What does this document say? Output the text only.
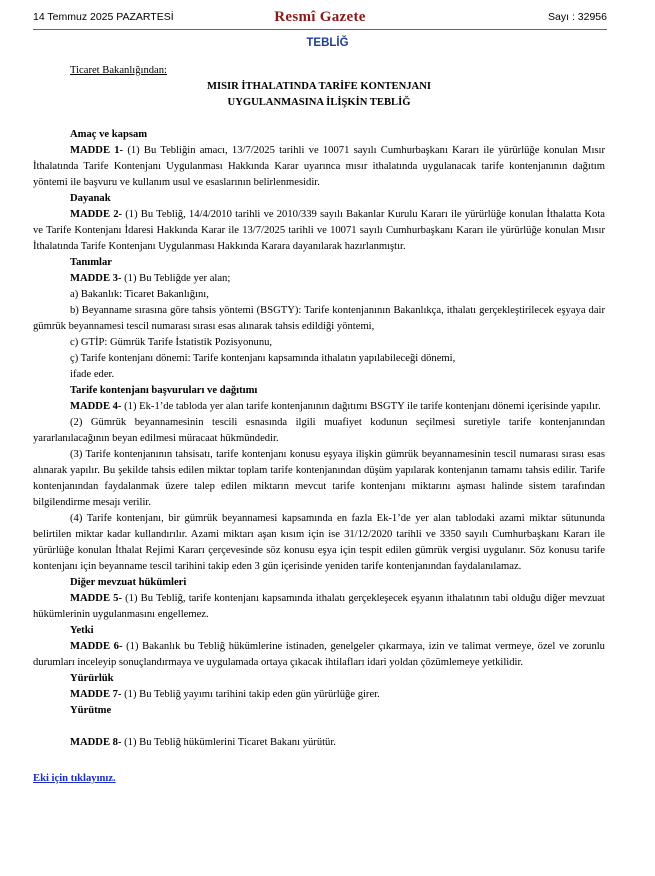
14 Temmuz 2025 PAZARTESİ	Resmî Gazete	Sayı : 32956
TEBLİĞ
Ticaret Bakanlığından:
MISIR İTHALATINDA TARİFE KONTENJANI
UYGULANMASINA İLİŞKİN TEBLİĞ
Amaç ve kapsam

MADDE 1- (1) Bu Tebliğin amacı, 13/7/2025 tarihli ve 10071 sayılı Cumhurbaşkanı Kararı ile yürürlüğe konulan Mısır İthalatında Tarife Kontenjanı Uygulanması Hakkında Karar uyarınca mısır ithalatında uygulanacak tarife kontenjanının dağıtım yöntemi ile başvuru ve kullanım usul ve esaslarının belirlenmesidir.

Dayanak

MADDE 2- (1) Bu Tebliğ, 14/4/2010 tarihli ve 2010/339 sayılı Bakanlar Kurulu Kararı ile yürürlüğe konulan İthalatta Kota ve Tarife Kontenjanı İdaresi Hakkında Karar ile 13/7/2025 tarihli ve 10071 sayılı Cumhurbaşkanı Kararı ile yürürlüğe konulan Mısır İthalatında Tarife Kontenjanı Uygulanması Hakkında Karara dayanılarak hazırlanmıştır.

Tanımlar

MADDE 3- (1) Bu Tebliğde yer alan;

a) Bakanlık: Ticaret Bakanlığını,

b) Beyanname sırasına göre tahsis yöntemi (BSGTY): Tarife kontenjanının Bakanlıkça, ithalatı gerçekleştirilecek eşyaya dair gümrük beyannamesi tescil numarası sırası esas alınarak tahsis edildiği yöntemi,

c) GTİP: Gümrük Tarife İstatistik Pozisyonunu,

ç) Tarife kontenjanı dönemi: Tarife kontenjanı kapsamında ithalatın yapılabileceği dönemi,

ifade eder.

Tarife kontenjanı başvuruları ve dağıtımı

MADDE 4- (1) Ek-1’de tabloda yer alan tarife kontenjanının dağıtımı BSGTY ile tarife kontenjanı dönemi içerisinde yapılır.

(2) Gümrük beyannamesinin tescili esnasında ilgili muafiyet kodunun seçilmesi suretiyle tarife kontenjanından yararlanılacağının beyan edilmesi müracaat hükmündedir.

(3) Tarife kontenjanının tahsisatı, tarife kontenjanı konusu eşyaya ilişkin gümrük beyannamesinin tescil numarası sırası esas alınarak yapılır. Bu şekilde tahsis edilen miktar toplam tarife kontenjanından düşüm yapılarak kontenjanın tamamı tahsis edilir. Tarife kontenjanından faydalanmak üzere talep edilen miktarın mevcut tarife kontenjanı miktarını aşması halinde sistem tarafından bilgilendirme mesajı verilir.

(4) Tarife kontenjanı, bir gümrük beyannamesi kapsamında en fazla Ek-1’de yer alan tablodaki azami miktar sütununda belirtilen miktar kadar kullandırılır. Azami miktarı aşan kısım için ise 31/12/2020 tarihli ve 3350 sayılı Cumhurbaşkanı Kararı ile yürürlüğe konulan İthalat Rejimi Kararı çerçevesinde söz konusu eşya için tespit edilen gümrük vergisi uygulanır. Söz konusu tarife kontenjanı için beyanname tescil tarihini takip eden 3 gün içerisinde yeniden tarife kontenjanından faydalanılamaz.

Diğer mevzuat hükümleri

MADDE 5- (1) Bu Tebliğ, tarife kontenjanı kapsamında ithalatı gerçekleşecek eşyanın ithalatının tabi olduğu diğer mevzuat hükümlerinin uygulanmasını engellemez.

Yetki

MADDE 6- (1) Bakanlık bu Tebliğ hükümlerine istinaden, genelgeler çıkarmaya, izin ve talimat vermeye, özel ve zorunlu durumları inceleyip sonuçlandırmaya ve uygulamada ortaya çıkacak ihtilafları idari yoldan çözümlemeye yetkilidir.

Yürürlük

MADDE 7- (1) Bu Tebliğ yayımı tarihini takip eden gün yürürlüğe girer.

Yürütme

MADDE 8- (1) Bu Tebliğ hükümlerini Ticaret Bakanı yürütür.

Eki için tıklayınız.
